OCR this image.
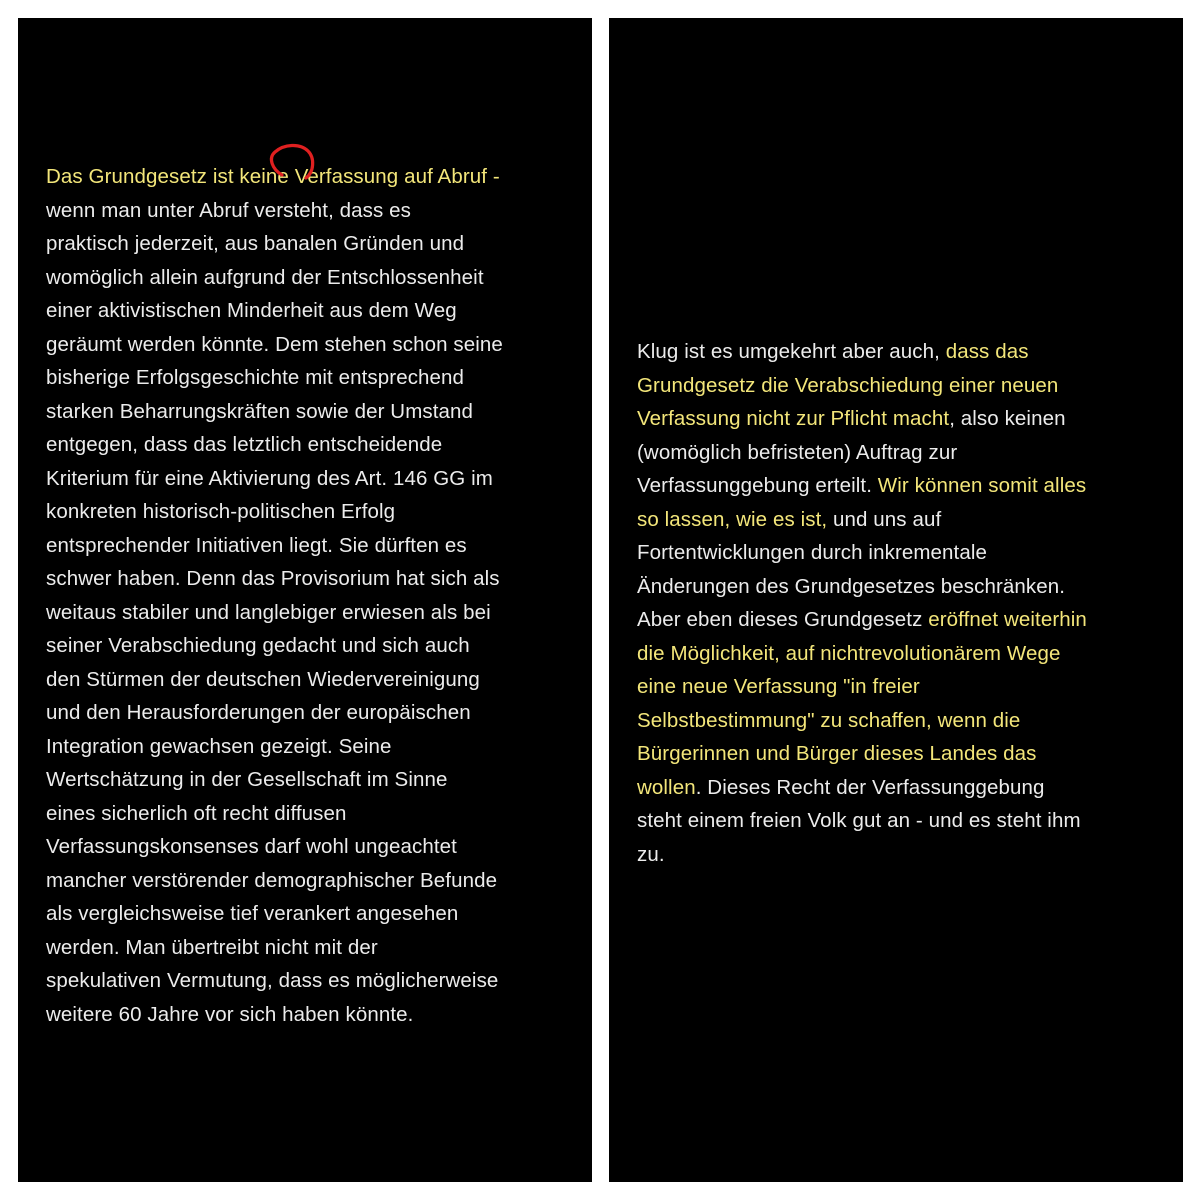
Das Grundgesetz ist keine Verfassung auf Abruf -
wenn man unter Abruf versteht, dass es
praktisch jederzeit, aus banalen Gründen und
womöglich allein aufgrund der Entschlossenheit
einer aktivistischen Minderheit aus dem Weg
geräumt werden könnte. Dem stehen schon seine
bisherige Erfolgsgeschichte mit entsprechend
starken Beharrungskräften sowie der Umstand
entgegen, dass das letztlich entscheidende
Kriterium für eine Aktivierung des Art. 146 GG im
konkreten historisch-politischen Erfolg
entsprechender Initiativen liegt. Sie dürften es
schwer haben. Denn das Provisorium hat sich als
weitaus stabiler und langlebiger erwiesen als bei
seiner Verabschiedung gedacht und sich auch
den Stürmen der deutschen Wiedervereinigung
und den Herausforderungen der europäischen
Integration gewachsen gezeigt. Seine
Wertschätzung in der Gesellschaft im Sinne
eines sicherlich oft recht diffusen
Verfassungskonsenses darf wohl ungeachtet
mancher verstörender demographischer Befunde
als vergleichsweise tief verankert angesehen
werden. Man übertreibt nicht mit der
spekulativen Vermutung, dass es möglicherweise
weitere 60 Jahre vor sich haben könnte.
Klug ist es umgekehrt aber auch, dass das
Grundgesetz die Verabschiedung einer neuen
Verfassung nicht zur Pflicht macht, also keinen
(womöglich befristeten) Auftrag zur
Verfassunggebung erteilt. Wir können somit alles
so lassen, wie es ist, und uns auf
Fortentwicklungen durch inkrementale
Änderungen des Grundgesetzes beschränken.
Aber eben dieses Grundgesetz eröffnet weiterhin
die Möglichkeit, auf nichtrevolutionärem Wege
eine neue Verfassung "in freier
Selbstbestimmung" zu schaffen, wenn die
Bürgerinnen und Bürger dieses Landes das
wollen. Dieses Recht der Verfassunggebung
steht einem freien Volk gut an - und es steht ihm
zu.
